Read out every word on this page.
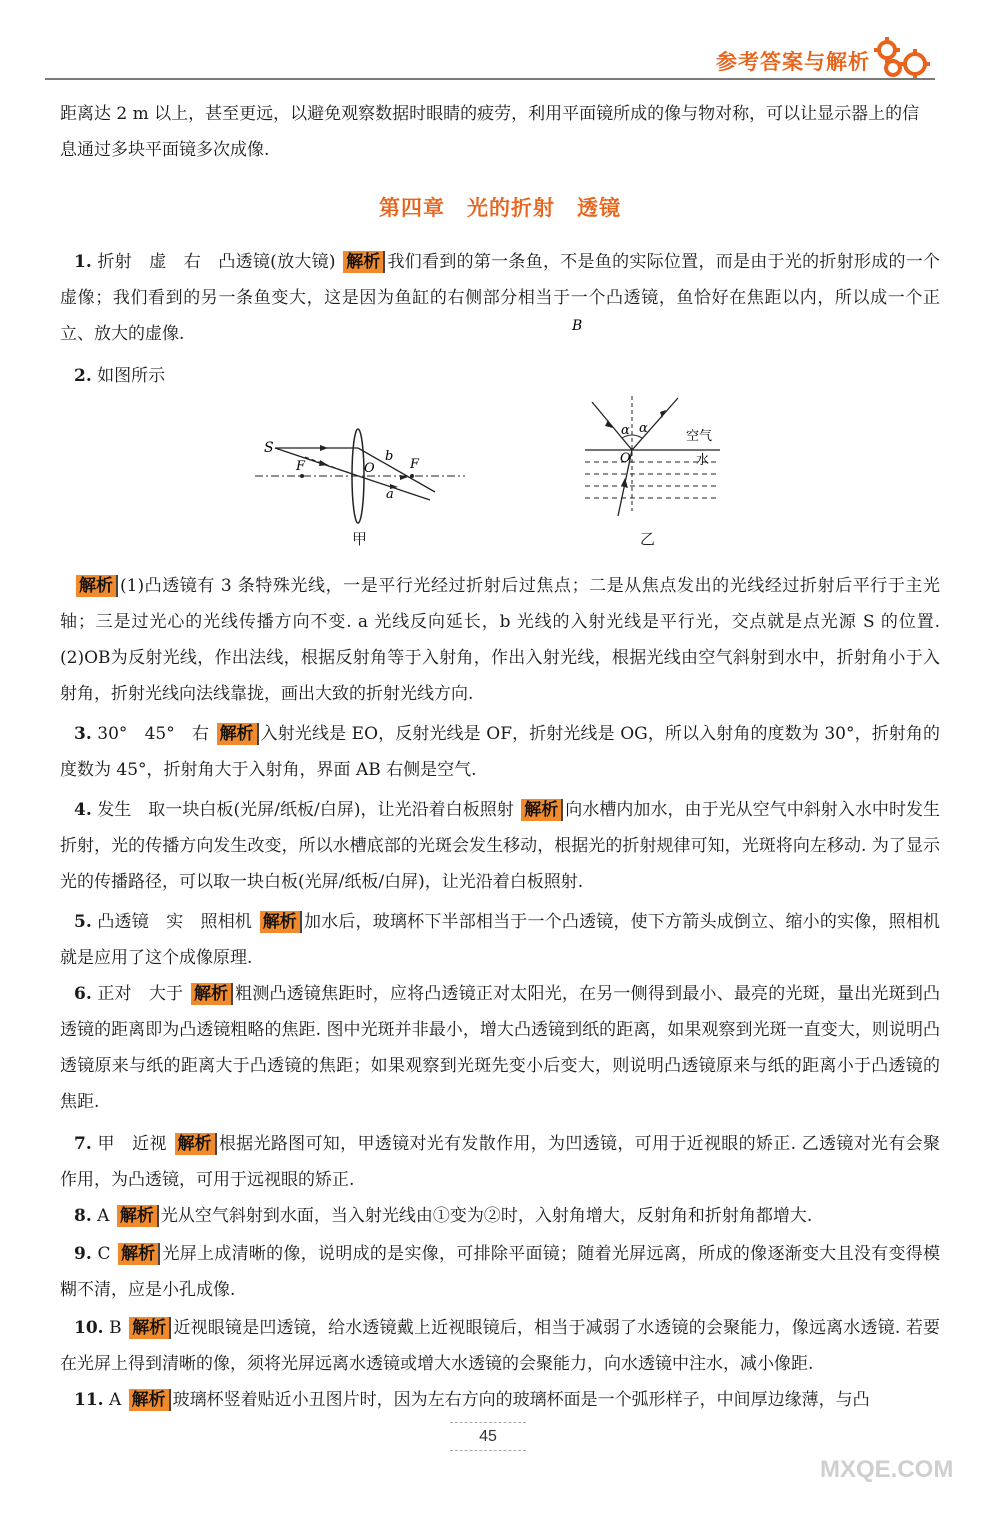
参考答案与解析

距离达 2 m 以上，甚至更远，以避免观察数据时眼睛的疲劳，利用平面镜所成的像与物对称，可以让显示器上的信
息通过多块平面镜多次成像.

第四章　光的折射　透镜

1. 折射　虚　右　凸透镜(放大镜) 解析 我们看到的第一条鱼，不是鱼的实际位置，而是由于光的折射形成的一个虚像；我们看到的另一条鱼变大，这是因为鱼缸的右侧部分相当于一个凸透镜，鱼恰好在焦距以内，所以成一个正立、放大的虚像.

2. 如图所示

S
F	O
b
F
a
甲
B
α α
O
空气
水
乙

解析 (1)凸透镜有 3 条特殊光线，一是平行光经过折射后过焦点；二是从焦点发出的光线经过折射后平行于主光轴；三是过光心的光线传播方向不变. a 光线反向延长，b 光线的入射光线是平行光，交点就是点光源 S 的位置. (2)OB为反射光线，作出法线，根据反射角等于入射角，作出入射光线，根据光线由空气斜射到水中，折射角小于入射角，折射光线向法线靠拢，画出大致的折射光线方向.

3. 30°　45°　右 解析 入射光线是 EO，反射光线是 OF，折射光线是 OG，所以入射角的度数为 30°，折射角的度数为 45°，折射角大于入射角，界面 AB 右侧是空气.

4. 发生　取一块白板(光屏/纸板/白屏)，让光沿着白板照射 解析 向水槽内加水，由于光从空气中斜射入水中时发生折射，光的传播方向发生改变，所以水槽底部的光斑会发生移动，根据光的折射规律可知，光斑将向左移动. 为了显示光的传播路径，可以取一块白板(光屏/纸板/白屏)，让光沿着白板照射.

5. 凸透镜　实　照相机 解析 加水后，玻璃杯下半部相当于一个凸透镜，使下方箭头成倒立、缩小的实像，照相机就是应用了这个成像原理.

6. 正对　大于 解析 粗测凸透镜焦距时，应将凸透镜正对太阳光，在另一侧得到最小、最亮的光斑，量出光斑到凸透镜的距离即为凸透镜粗略的焦距. 图中光斑并非最小，增大凸透镜到纸的距离，如果观察到光斑一直变大，则说明凸透镜原来与纸的距离大于凸透镜的焦距；如果观察到光斑先变小后变大，则说明凸透镜原来与纸的距离小于凸透镜的焦距.

7. 甲　近视 解析 根据光路图可知，甲透镜对光有发散作用，为凹透镜，可用于近视眼的矫正. 乙透镜对光有会聚作用，为凸透镜，可用于远视眼的矫正.

8. A 解析 光从空气斜射到水面，当入射光线由①变为②时，入射角增大，反射角和折射角都增大.

9. C 解析 光屏上成清晰的像，说明成的是实像，可排除平面镜；随着光屏远离，所成的像逐渐变大且没有变得模糊不清，应是小孔成像.

10. B 解析 近视眼镜是凹透镜，给水透镜戴上近视眼镜后，相当于减弱了水透镜的会聚能力，像远离水透镜. 若要在光屏上得到清晰的像，须将光屏远离水透镜或增大水透镜的会聚能力，向水透镜中注水，减小像距.

11. A 解析 玻璃杯竖着贴近小丑图片时，因为左右方向的玻璃杯面是一个弧形样子，中间厚边缘薄，与凸

45
MXQE.COM
